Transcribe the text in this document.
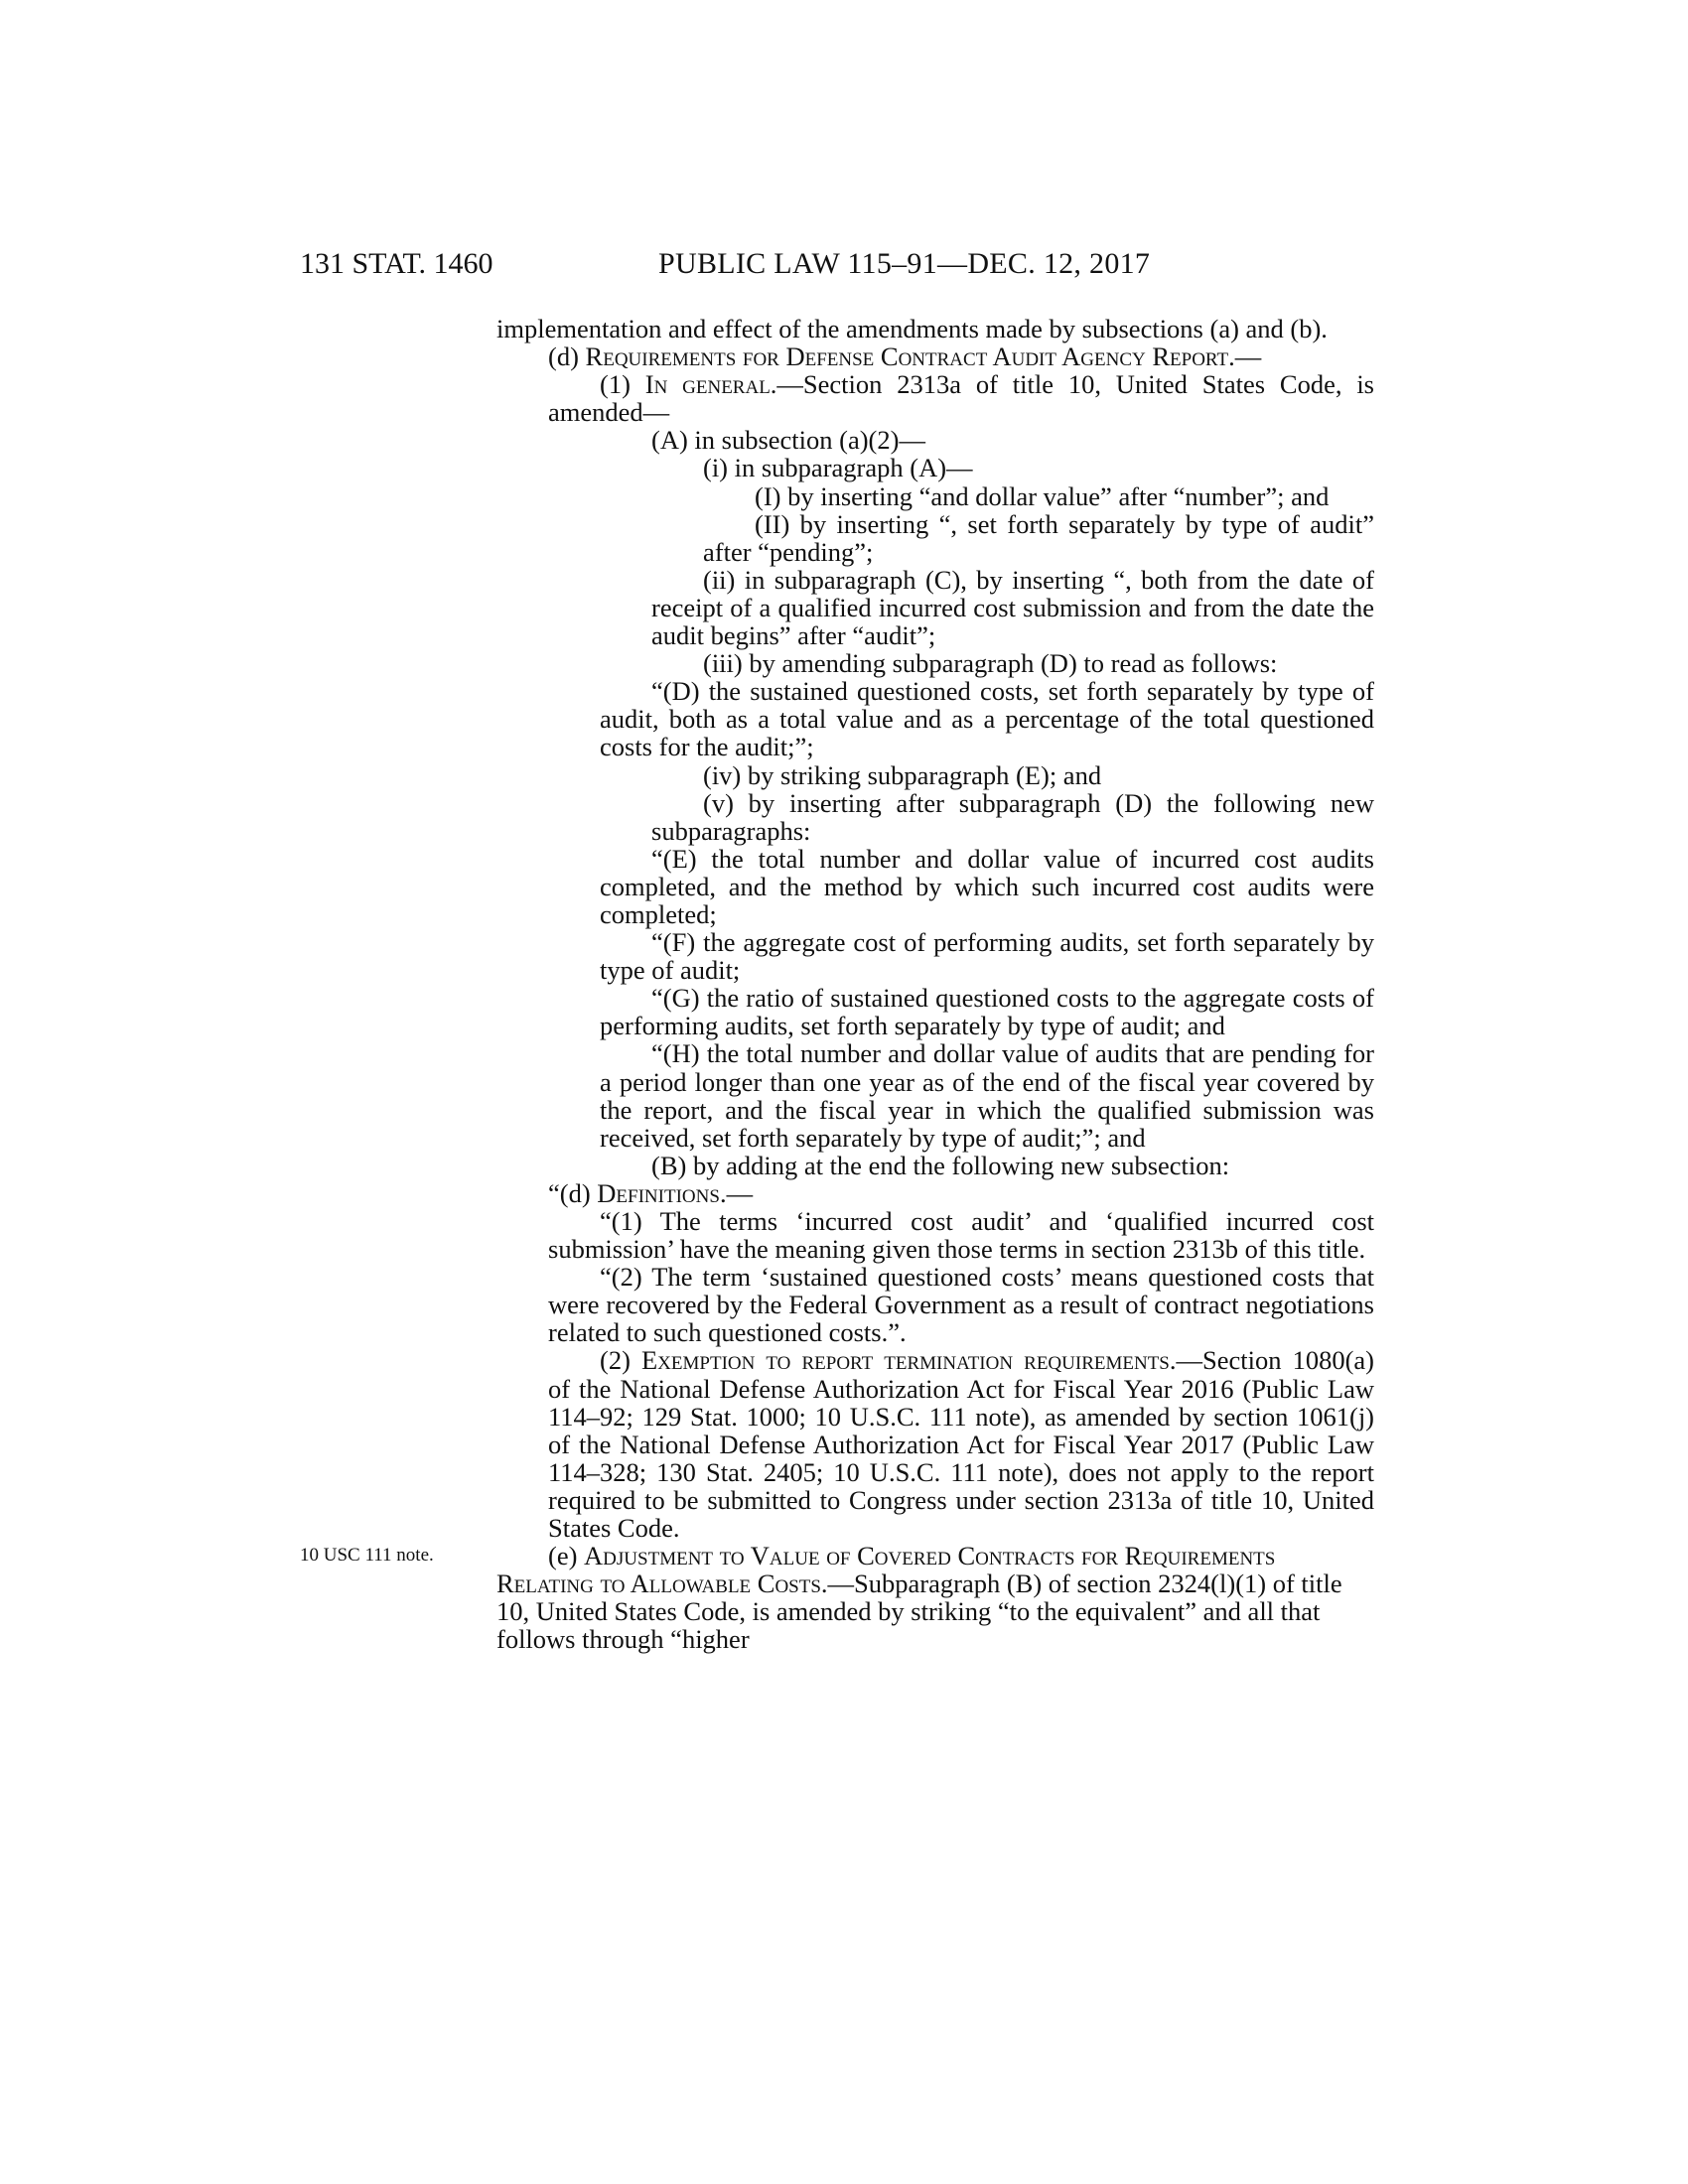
131 STAT. 1460	PUBLIC LAW 115–91—DEC. 12, 2017
10 USC 111 note.

implementation and effect of the amendments made by subsections (a) and (b).

(d) Requirements for Defense Contract Audit Agency Report.—

(1) In general.—Section 2313a of title 10, United States Code, is amended—

(A) in subsection (a)(2)—

(i) in subparagraph (A)—

(I) by inserting “and dollar value” after “number”; and

(II) by inserting “, set forth separately by type of audit” after “pending”;

(ii) in subparagraph (C), by inserting “, both from the date of receipt of a qualified incurred cost submission and from the date the audit begins” after “audit”;

(iii) by amending subparagraph (D) to read as follows:

“(D) the sustained questioned costs, set forth separately by type of audit, both as a total value and as a percentage of the total questioned costs for the audit;”;

(iv) by striking subparagraph (E); and

(v) by inserting after subparagraph (D) the following new subparagraphs:

“(E) the total number and dollar value of incurred cost audits completed, and the method by which such incurred cost audits were completed;

“(F) the aggregate cost of performing audits, set forth separately by type of audit;

“(G) the ratio of sustained questioned costs to the aggregate costs of performing audits, set forth separately by type of audit; and

“(H) the total number and dollar value of audits that are pending for a period longer than one year as of the end of the fiscal year covered by the report, and the fiscal year in which the qualified submission was received, set forth separately by type of audit;”; and

(B) by adding at the end the following new subsection:

“(d) Definitions.—

“(1) The terms ‘incurred cost audit’ and ‘qualified incurred cost submission’ have the meaning given those terms in section 2313b of this title.

“(2) The term ‘sustained questioned costs’ means questioned costs that were recovered by the Federal Government as a result of contract negotiations related to such questioned costs.”.

(2) Exemption to report termination requirements.—Section 1080(a) of the National Defense Authorization Act for Fiscal Year 2016 (Public Law 114–92; 129 Stat. 1000; 10 U.S.C. 111 note), as amended by section 1061(j) of the National Defense Authorization Act for Fiscal Year 2017 (Public Law 114–328; 130 Stat. 2405; 10 U.S.C. 111 note), does not apply to the report required to be submitted to Congress under section 2313a of title 10, United States Code.

(e) Adjustment to Value of Covered Contracts for Requirements Relating to Allowable Costs.—Subparagraph (B) of section 2324(l)(1) of title 10, United States Code, is amended by striking “to the equivalent” and all that follows through “higher
